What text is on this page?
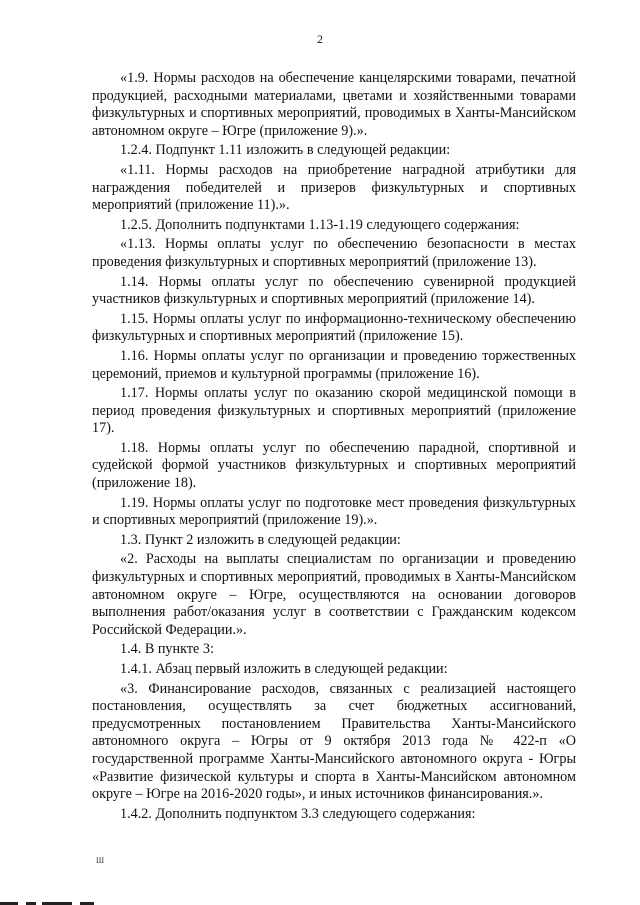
2

«1.9. Нормы расходов на обеспечение канцелярскими товарами, печатной продукцией, расходными материалами, цветами и хозяйственными товарами физкультурных и спортивных мероприятий, проводимых в Ханты-Мансийском автономном округе – Югре (приложение 9).».

1.2.4. Подпункт 1.11 изложить в следующей редакции:

«1.11. Нормы расходов на приобретение наградной атрибутики для награждения победителей и призеров физкультурных и спортивных мероприятий (приложение 11).».

1.2.5. Дополнить подпунктами 1.13-1.19 следующего содержания:

«1.13. Нормы оплаты услуг по обеспечению безопасности в местах проведения физкультурных и спортивных мероприятий (приложение 13).

1.14. Нормы оплаты услуг по обеспечению сувенирной продукцией участников физкультурных и спортивных мероприятий (приложение 14).

1.15. Нормы оплаты услуг по информационно-техническому обеспечению физкультурных и спортивных мероприятий (приложение 15).

1.16. Нормы оплаты услуг по организации и проведению торжественных церемоний, приемов и культурной программы (приложение 16).

1.17. Нормы оплаты услуг по оказанию скорой медицинской помощи в период проведения физкультурных и спортивных мероприятий (приложение 17).

1.18. Нормы оплаты услуг по обеспечению парадной, спортивной и судейской формой участников физкультурных и спортивных мероприятий (приложение 18).

1.19. Нормы оплаты услуг по подготовке мест проведения физкультурных и спортивных мероприятий (приложение 19).».

1.3. Пункт 2 изложить в следующей редакции:

«2. Расходы на выплаты специалистам по организации и проведению физкультурных и спортивных мероприятий, проводимых в Ханты-Мансийском автономном округе – Югре, осуществляются на основании договоров выполнения работ/оказания услуг в соответствии с Гражданским кодексом Российской Федерации.».

1.4. В пункте 3:

1.4.1. Абзац первый изложить в следующей редакции:

«3. Финансирование расходов, связанных с реализацией настоящего постановления, осуществлять за счет бюджетных ассигнований, предусмотренных постановлением Правительства Ханты-Мансийского автономного округа – Югры от 9 октября 2013 года № 422-п «О государственной программе Ханты-Мансийского автономного округа - Югры «Развитие физической культуры и спорта в Ханты-Мансийском автономном округе – Югре на 2016-2020 годы», и иных источников финансирования.».

1.4.2. Дополнить подпунктом 3.3 следующего содержания:

Ш
